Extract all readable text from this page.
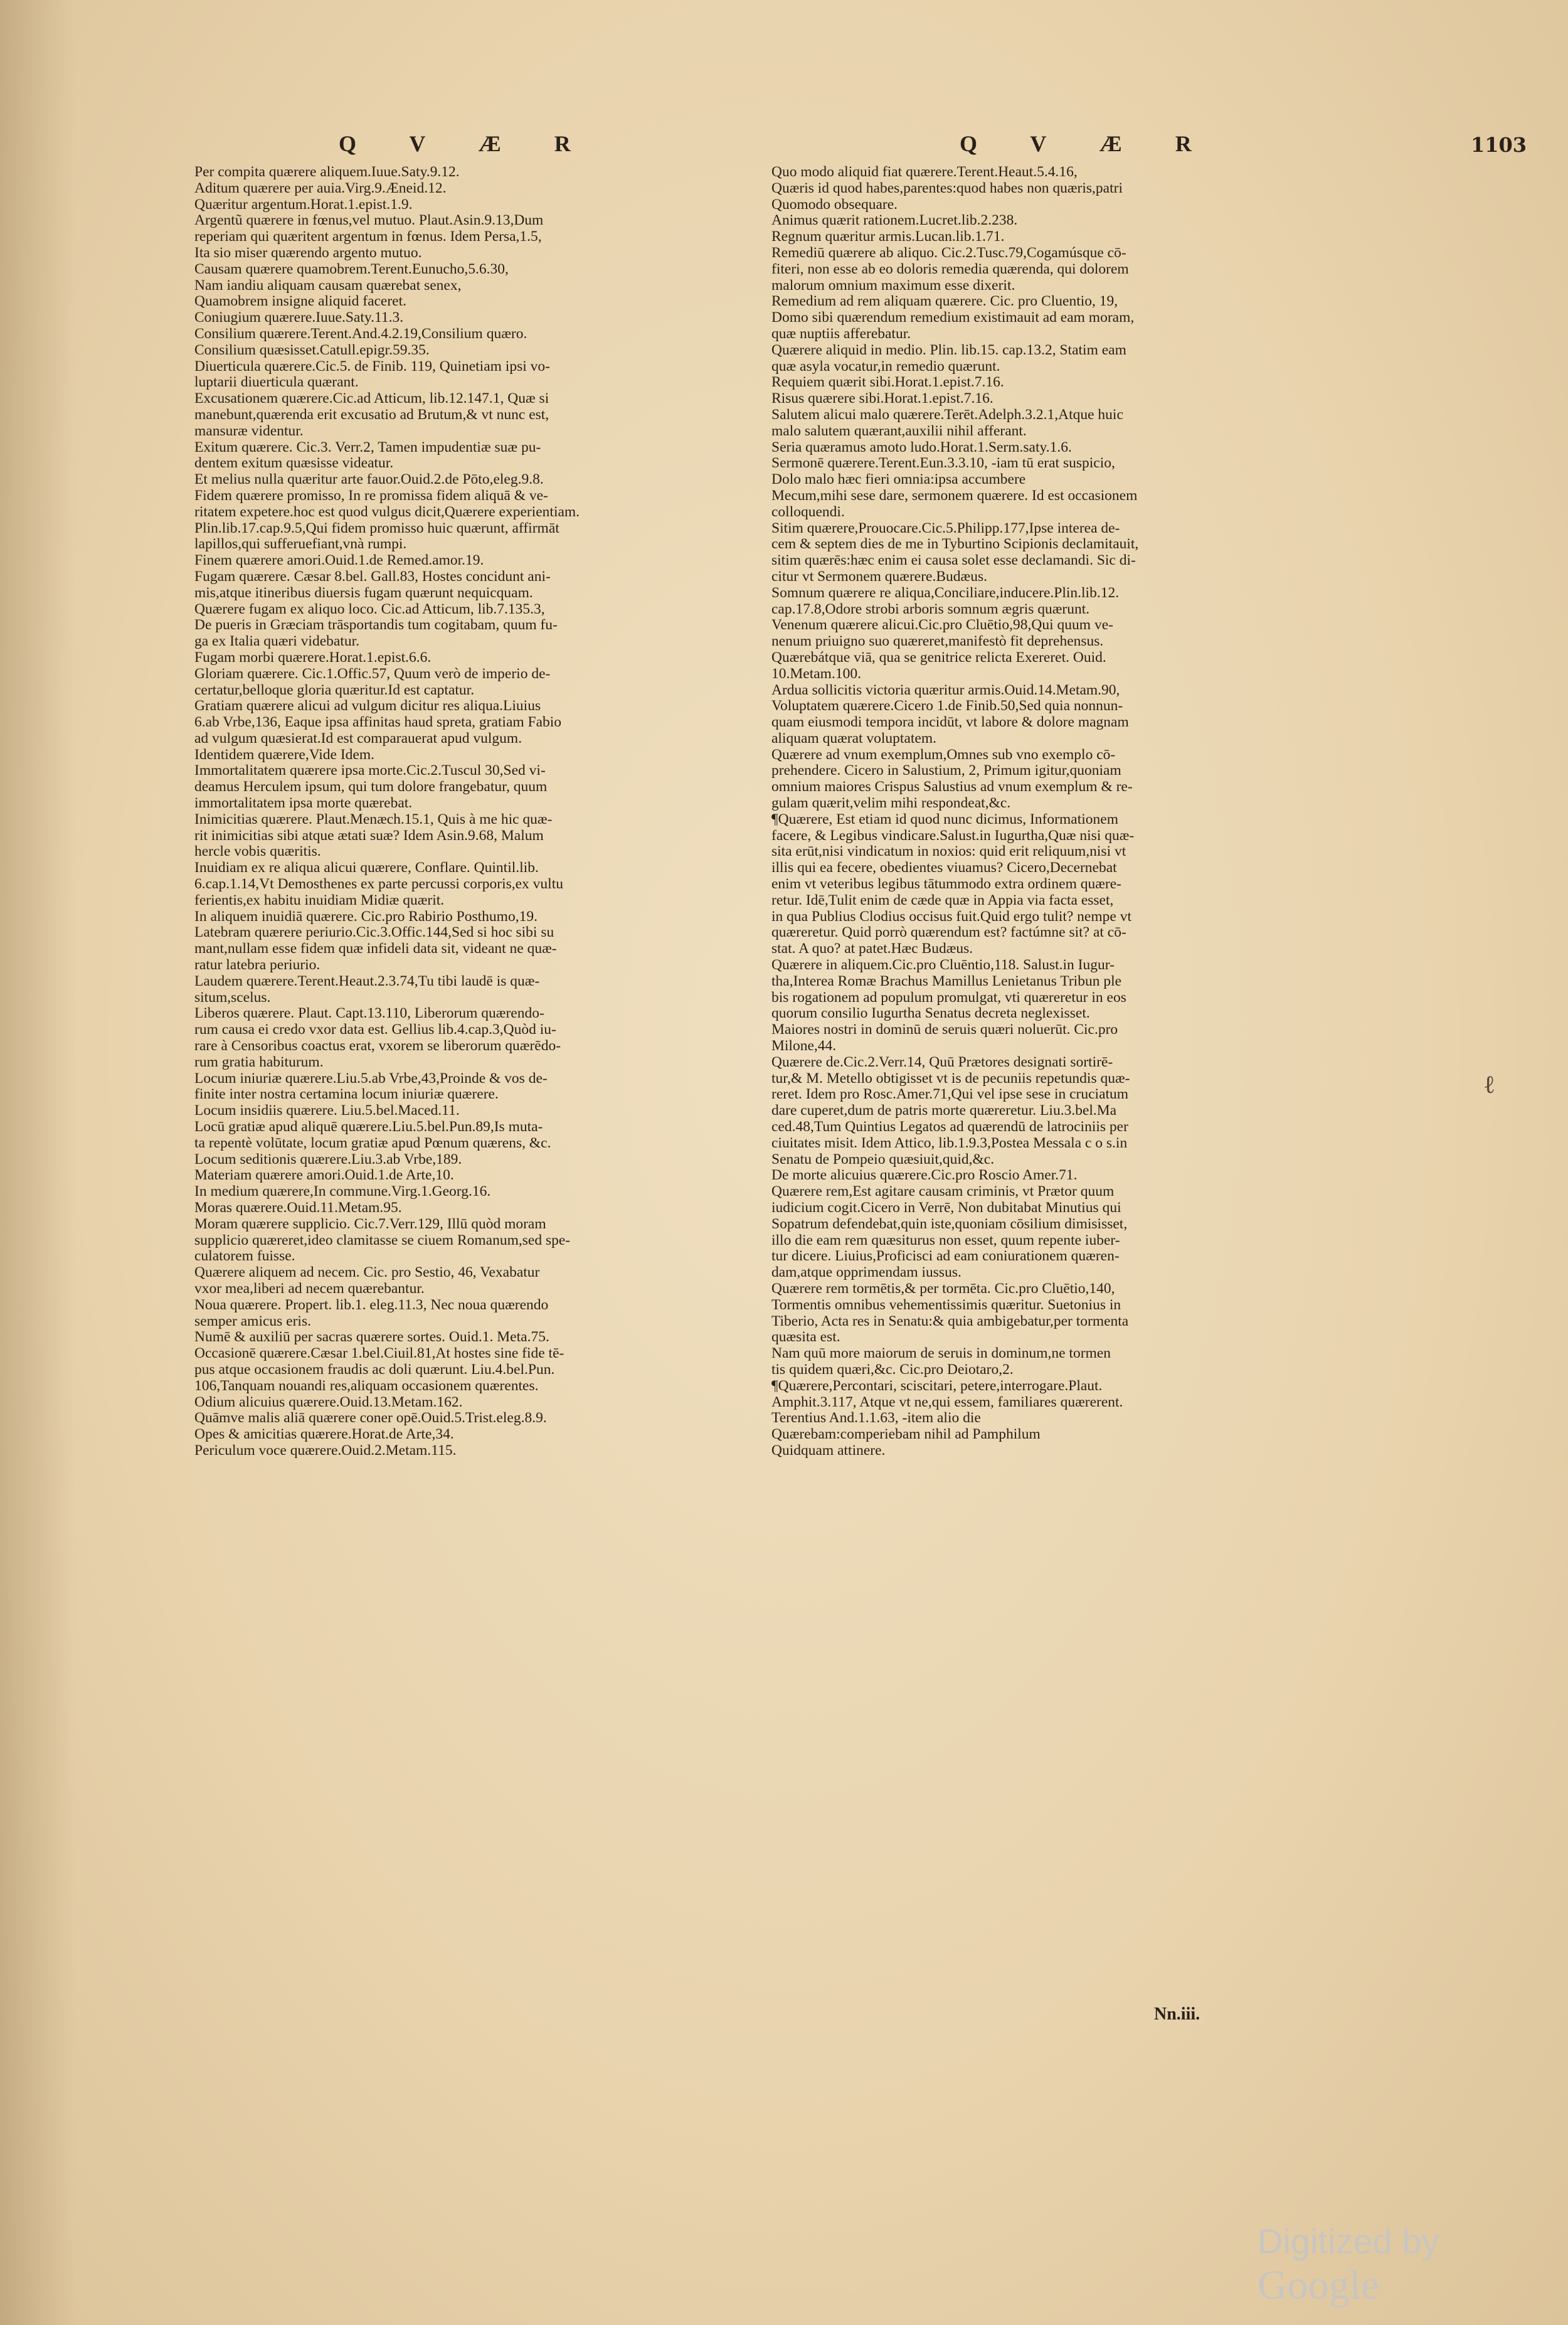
Q V Æ R	Q V Æ R	1103
Per compita quærere aliquem.Iuue.Saty.9.12.
Aditum quærere per auia.Virg.9.Æneid.12.
Quæritur argentum.Horat.1.epist.1.9.
Argentũ quærere in fœnus,vel mutuo. Plaut.Asin.9.13,Dum
reperiam qui quæritent argentum in fœnus. Idem Persa,1.5,
Ita sio miser quærendo argento mutuo.
Causam quærere quamobrem.Terent.Eunucho,5.6.30,
Nam iandiu aliquam causam quærebat senex,
Quamobrem insigne aliquid faceret.
Coniugium quærere.Iuue.Saty.11.3.
Consilium quærere.Terent.And.4.2.19,Consilium quæro.
Consilium quæsisset.Catull.epigr.59.35.
Diuerticula quærere.Cic.5. de Finib. 119, Quinetiam ipsi vo-
luptarii diuerticula quærant.
Excusationem quærere.Cic.ad Atticum, lib.12.147.1, Quæ si
manebunt,quærenda erit excusatio ad Brutum,& vt nunc est,
mansuræ videntur.
Exitum quærere. Cic.3. Verr.2, Tamen impudentiæ suæ pu-
dentem exitum quæsisse videatur.
Et melius nulla quæritur arte fauor.Ouid.2.de Pōto,eleg.9.8.
Fidem quærere promisso, In re promissa fidem aliquā & ve-
ritatem expetere.hoc est quod vulgus dicit,Quærere experientiam.
Plin.lib.17.cap.9.5,Qui fidem promisso huic quærunt, affirmāt
lapillos,qui sufferuefiant,vnà rumpi.
Finem quærere amori.Ouid.1.de Remed.amor.19.
Fugam quærere. Cæsar 8.bel. Gall.83, Hostes concidunt ani-
mis,atque itineribus diuersis fugam quærunt nequicquam.
Quærere fugam ex aliquo loco. Cic.ad Atticum, lib.7.135.3,
De pueris in Græciam trāsportandis tum cogitabam, quum fu-
ga ex Italia quæri videbatur.
Fugam morbi quærere.Horat.1.epist.6.6.
Gloriam quærere. Cic.1.Offic.57, Quum verò de imperio de-
certatur,belloque gloria quæritur.Id est captatur.
Gratiam quærere alicui ad vulgum dicitur res aliqua.Liuius
6.ab Vrbe,136, Eaque ipsa affinitas haud spreta, gratiam Fabio
ad vulgum quæsierat.Id est comparauerat apud vulgum.
Identidem quærere,Vide Idem.
Immortalitatem quærere ipsa morte.Cic.2.Tuscul 30,Sed vi-
deamus Herculem ipsum, qui tum dolore frangebatur, quum
immortalitatem ipsa morte quærebat.
Inimicitias quærere. Plaut.Menæch.15.1, Quis à me hic quæ-
rit inimicitias sibi atque ætati suæ? Idem Asin.9.68, Malum
hercle vobis quæritis.
Inuidiam ex re aliqua alicui quærere, Conflare. Quintil.lib.
6.cap.1.14,Vt Demosthenes ex parte percussi corporis,ex vultu
ferientis,ex habitu inuidiam Midiæ quærit.
In aliquem inuidiā quærere. Cic.pro Rabirio Posthumo,19.
Latebram quærere periurio.Cic.3.Offic.144,Sed si hoc sibi su
mant,nullam esse fidem quæ infideli data sit, videant ne quæ-
ratur latebra periurio.
Laudem quærere.Terent.Heaut.2.3.74,Tu tibi laudē is quæ-
situm,scelus.
Liberos quærere. Plaut. Capt.13.110, Liberorum quærendo-
rum causa ei credo vxor data est. Gellius lib.4.cap.3,Quòd iu-
rare à Censoribus coactus erat, vxorem se liberorum quærēdo-
rum gratia habiturum.
Locum iniuriæ quærere.Liu.5.ab Vrbe,43,Proinde & vos de-
finite inter nostra certamina locum iniuriæ quærere.
Locum insidiis quærere. Liu.5.bel.Maced.11.
Locū gratiæ apud aliquē quærere.Liu.5.bel.Pun.89,Is muta-
ta repentè volūtate, locum gratiæ apud Pœnum quærens, &c.
Locum seditionis quærere.Liu.3.ab Vrbe,189.
Materiam quærere amori.Ouid.1.de Arte,10.
In medium quærere,In commune.Virg.1.Georg.16.
Moras quærere.Ouid.11.Metam.95.
Moram quærere supplicio. Cic.7.Verr.129, Illū quòd moram
supplicio quæreret,ideo clamitasse se ciuem Romanum,sed spe-
culatorem fuisse.
Quærere aliquem ad necem. Cic. pro Sestio, 46, Vexabatur
vxor mea,liberi ad necem quærebantur.
Noua quærere. Propert. lib.1. eleg.11.3, Nec noua quærendo
semper amicus eris.
Numē & auxiliū per sacras quærere sortes. Ouid.1. Meta.75.
Occasionē quærere.Cæsar 1.bel.Ciuil.81,At hostes sine fide tē-
pus atque occasionem fraudis ac doli quærunt. Liu.4.bel.Pun.
106,Tanquam nouandi res,aliquam occasionem quærentes.
Odium alicuius quærere.Ouid.13.Metam.162.
Quāmve malis aliā quærere coner opē.Ouid.5.Trist.eleg.8.9.
Opes & amicitias quærere.Horat.de Arte,34.
Periculum voce quærere.Ouid.2.Metam.115.
Quo modo aliquid fiat quærere.Terent.Heaut.5.4.16,
Quæris id quod habes,parentes:quod habes non quæris,patri
Quomodo obsequare.
Animus quærit rationem.Lucret.lib.2.238.
Regnum quæritur armis.Lucan.lib.1.71.
Remediū quærere ab aliquo. Cic.2.Tusc.79,Cogamúsque cō-
fiteri, non esse ab eo doloris remedia quærenda, qui dolorem
malorum omnium maximum esse dixerit.
Remedium ad rem aliquam quærere. Cic. pro Cluentio, 19,
Domo sibi quærendum remedium existimauit ad eam moram,
quæ nuptiis afferebatur.
Quærere aliquid in medio. Plin. lib.15. cap.13.2, Statim eam
quæ asyla vocatur,in remedio quærunt.
Requiem quærit sibi.Horat.1.epist.7.16.
Risus quærere sibi.Horat.1.epist.7.16.
Salutem alicui malo quærere.Terēt.Adelph.3.2.1,Atque huic
malo salutem quærant,auxilii nihil afferant.
Seria quæramus amoto ludo.Horat.1.Serm.saty.1.6.
Sermonē quærere.Terent.Eun.3.3.10, -iam tū erat suspicio,
Dolo malo hæc fieri omnia:ipsa accumbere
Mecum,mihi sese dare, sermonem quærere. Id est occasionem
colloquendi.
Sitim quærere,Prouocare.Cic.5.Philipp.177,Ipse interea de-
cem & septem dies de me in Tyburtino Scipionis declamitauit,
sitim quærēs:hæc enim ei causa solet esse declamandi. Sic di-
citur vt Sermonem quærere.Budæus.
Somnum quærere re aliqua,Conciliare,inducere.Plin.lib.12.
cap.17.8,Odore strobi arboris somnum ægris quærunt.
Venenum quærere alicui.Cic.pro Cluētio,98,Qui quum ve-
nenum priuigno suo quæreret,manifestò fit deprehensus.
Quærebátque viā, qua se genitrice relicta Exereret. Ouid.
10.Metam.100.
Ardua sollicitis victoria quæritur armis.Ouid.14.Metam.90,
Voluptatem quærere.Cicero 1.de Finib.50,Sed quia nonnun-
quam eiusmodi tempora incidūt, vt labore & dolore magnam
aliquam quærat voluptatem.
Quærere ad vnum exemplum,Omnes sub vno exemplo cō-
prehendere. Cicero in Salustium, 2, Primum igitur,quoniam
omnium maiores Crispus Salustius ad vnum exemplum & re-
gulam quærit,velim mihi respondeat,&c.
¶Quærere, Est etiam id quod nunc dicimus, Informationem
facere, & Legibus vindicare.Salust.in Iugurtha,Quæ nisi quæ-
sita erūt,nisi vindicatum in noxios: quid erit reliquum,nisi vt
illis qui ea fecere, obedientes viuamus? Cicero,Decernebat
enim vt veteribus legibus tātummodo extra ordinem quære-
retur. Idē,Tulit enim de cæde quæ in Appia via facta esset,
in qua Publius Clodius occisus fuit.Quid ergo tulit? nempe vt
quæreretur. Quid porrò quærendum est? factúmne sit? at cō-
stat. A quo? at patet.Hæc Budæus.
Quærere in aliquem.Cic.pro Cluēntio,118. Salust.in Iugur-
tha,Interea Romæ Brachus Mamillus Lenietanus Tribun ple
bis rogationem ad populum promulgat, vti quæreretur in eos
quorum consilio Iugurtha Senatus decreta neglexisset.
Maiores nostri in dominū de seruis quæri noluerūt. Cic.pro
Milone,44.
Quærere de.Cic.2.Verr.14, Quū Prætores designati sortirē-
tur,& M. Metello obtigisset vt is de pecuniis repetundis quæ-
reret. Idem pro Rosc.Amer.71,Qui vel ipse sese in cruciatum
dare cuperet,dum de patris morte quæreretur. Liu.3.bel.Ma
ced.48,Tum Quintius Legatos ad quærendū de latrociniis per
ciuitates misit. Idem Attico, lib.1.9.3,Postea Messala c o s.in
Senatu de Pompeio quæsiuit,quid,&c.
De morte alicuius quærere.Cic.pro Roscio Amer.71.
Quærere rem,Est agitare causam criminis, vt Prætor quum
iudicium cogit.Cicero in Verrē, Non dubitabat Minutius qui
Sopatrum defendebat,quin iste,quoniam cōsilium dimisisset,
illo die eam rem quæsiturus non esset, quum repente iuber-
tur dicere. Liuius,Proficisci ad eam coniurationem quæren-
dam,atque opprimendam iussus.
Quærere rem tormētis,& per tormēta. Cic.pro Cluētio,140,
Tormentis omnibus vehementissimis quæritur. Suetonius in
Tiberio, Acta res in Senatu:& quia ambigebatur,per tormenta
quæsita est.
Nam quū more maiorum de seruis in dominum,ne tormen
tis quidem quæri,&c. Cic.pro Deiotaro,2.
¶Quærere,Percontari, sciscitari, petere,interrogare.Plaut.
Amphit.3.117, Atque vt ne,qui essem, familiares quærerent.
Terentius And.1.1.63, -item alio die
Quærebam:comperiebam nihil ad Pamphilum
Quidquam attinere.
ℓ
Nn.iii.
Digitized by Google
